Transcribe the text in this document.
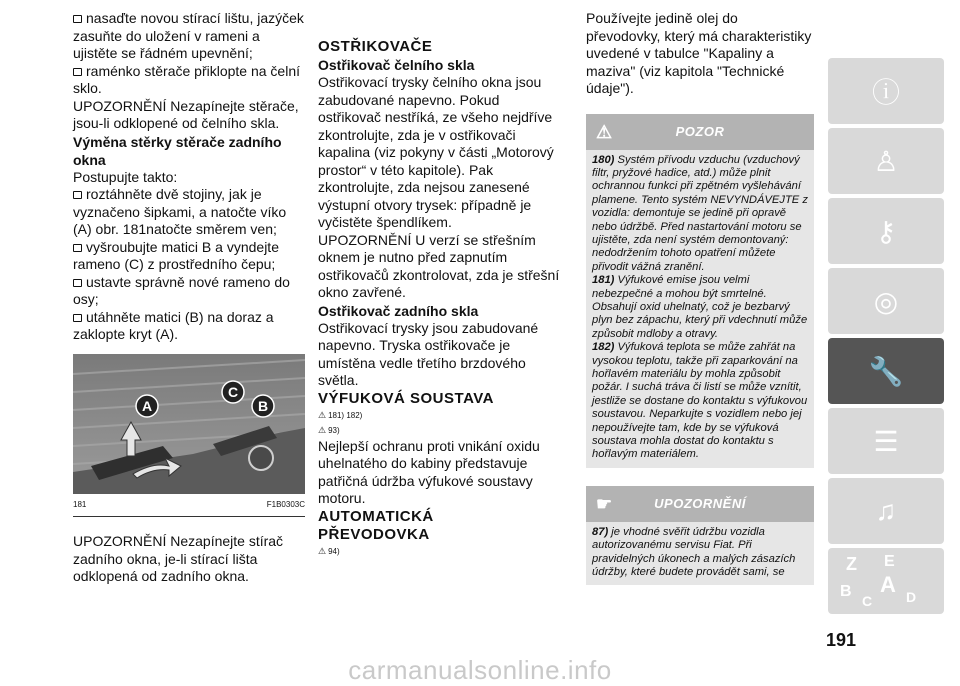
nasaďte novou stírací lištu, jazýček zasuňte do uložení v rameni a ujistěte se řádném upevnění;

raménko stěrače přiklopte na čelní sklo.

UPOZORNĚNÍ Nezapínejte stěrače, jsou-li odklopené od čelního skla.

Výměna stěrky stěrače zadního okna

Postupujte takto:

roztáhněte dvě stojiny, jak je vyznačeno šipkami, a natočte víko (A) obr. 181natočte směrem ven;

vyšroubujte matici B a vyndejte rameno (C) z prostředního čepu;

ustavte správně nové rameno do osy;

utáhněte matici (B) na doraz a zaklopte kryt (A).

A
C
B
181	F1B0303C

UPOZORNĚNÍ Nezapínejte stírač zadního okna, je-li stírací lišta odklopená od zadního okna.

OSTŘIKOVAČE

Ostřikovač čelního skla

Ostřikovací trysky čelního okna jsou zabudované napevno. Pokud ostřikovač nestříká, ze všeho nejdříve zkontrolujte, zda je v ostřikovači kapalina (viz pokyny v části „Motorový prostor“ v této kapitole). Pak zkontrolujte, zda nejsou zanesené výstupní otvory trysek: případně je vyčistěte špendlíkem.

UPOZORNĚNÍ U verzí se střešním oknem je nutno před zapnutím ostřikovačů zkontrolovat, zda je střešní okno zavřené.

Ostřikovač zadního skla

Ostřikovací trysky jsou zabudované napevno. Tryska ostřikovače je umístěna vedle třetího brzdového světla.

VÝFUKOVÁ SOUSTAVA

⚠ 181) 182)

⚠ 93)

Nejlepší ochranu proti vnikání oxidu uhelnatého do kabiny představuje patřičná údržba výfukové soustavy motoru.

AUTOMATICKÁ
PŘEVODOVKA

⚠ 94)

Používejte jedině olej do převodovky, který má charakteristiky uvedené v tabulce "Kapaliny a maziva" (viz kapitola "Technické údaje").

⚠	POZOR

180) Systém přívodu vzduchu (vzduchový filtr, pryžové hadice, atd.) může plnit ochrannou funkci při zpětném vyšlehávání plamene. Tento systém NEVYNDÁVEJTE z vozidla: demontuje se jedině při opravě nebo údržbě. Před nastartování motoru se ujistěte, zda není systém demontovaný: nedodržením tohoto opatření můžete přivodit vážná zranění.

181) Výfukové emise jsou velmi nebezpečné a mohou být smrtelné. Obsahují oxid uhelnatý, což je bezbarvý plyn bez zápachu, který při vdechnutí může způsobit mdloby a otravy.

182) Výfuková teplota se může zahřát na vysokou teplotu, takže při zaparkování na hořlavém materiálu by mohla způsobit požár. I suchá tráva či listí se může vznítit, jestliže se dostane do kontaktu s výfukovou soustavou. Neparkujte s vozidlem nebo jej nepoužívejte tam, kde by se výfuková soustava mohla dostat do kontaktu s hořlavým materiálem.

☛	UPOZORNĚNÍ

87) je vhodné svěřit údržbu vozidla autorizovanému servisu Fiat. Při pravidelných úkonech a malých zásazích údržby, které budete provádět sami, se

ⓘ
♙
⚷
◎
🔧
☰
♫
Z E
B A
C D
191
carmanualsonline.info
